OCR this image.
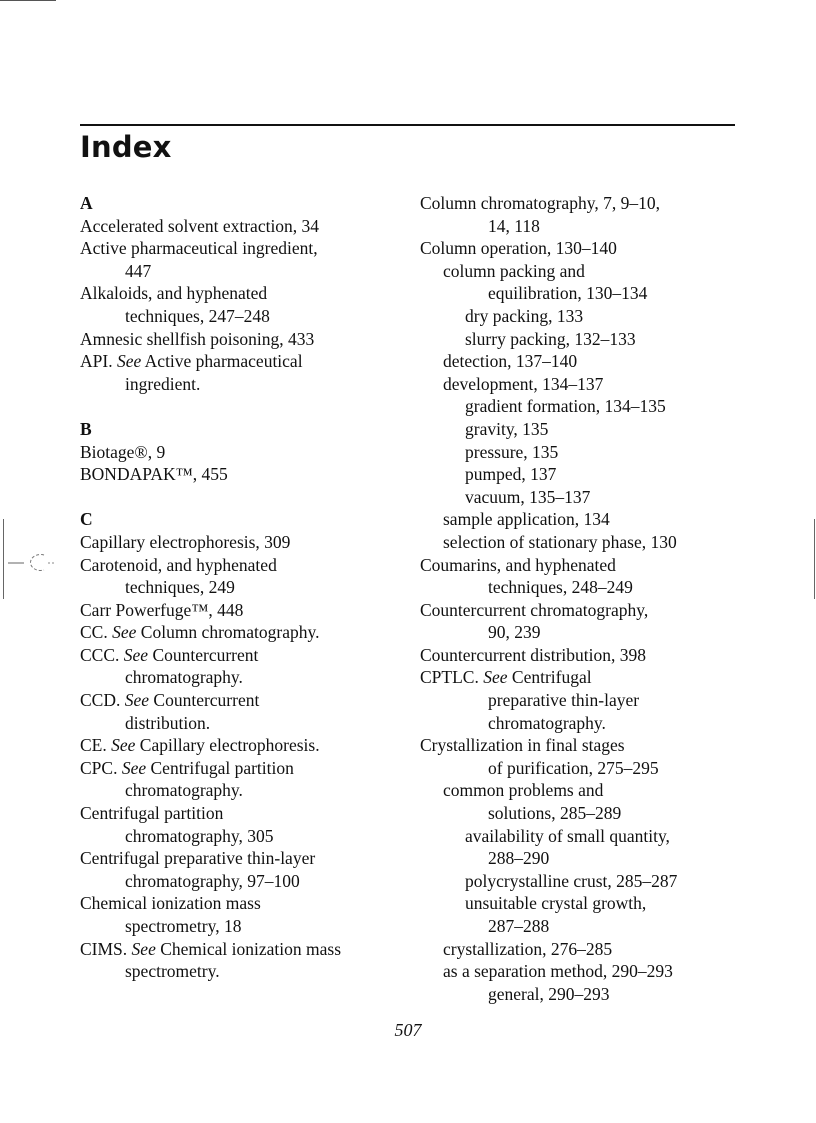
Index
A
Accelerated solvent extraction, 34
Active pharmaceutical ingredient,
447
Alkaloids, and hyphenated
techniques, 247–248
Amnesic shellfish poisoning, 433
API. See Active pharmaceutical
ingredient.
B
Biotage®, 9
BONDAPAK™, 455
C
Capillary electrophoresis, 309
Carotenoid, and hyphenated
techniques, 249
Carr Powerfuge™, 448
CC. See Column chromatography.
CCC. See Countercurrent
chromatography.
CCD. See Countercurrent
distribution.
CE. See Capillary electrophoresis.
CPC. See Centrifugal partition
chromatography.
Centrifugal partition
chromatography, 305
Centrifugal preparative thin-layer
chromatography, 97–100
Chemical ionization mass
spectrometry, 18
CIMS. See Chemical ionization mass
spectrometry.
Column chromatography, 7, 9–10,
14, 118
Column operation, 130–140
column packing and
equilibration, 130–134
dry packing, 133
slurry packing, 132–133
detection, 137–140
development, 134–137
gradient formation, 134–135
gravity, 135
pressure, 135
pumped, 137
vacuum, 135–137
sample application, 134
selection of stationary phase, 130
Coumarins, and hyphenated
techniques, 248–249
Countercurrent chromatography,
90, 239
Countercurrent distribution, 398
CPTLC. See Centrifugal
preparative thin-layer
chromatography.
Crystallization in final stages
of purification, 275–295
common problems and
solutions, 285–289
availability of small quantity,
288–290
polycrystalline crust, 285–287
unsuitable crystal growth,
287–288
crystallization, 276–285
as a separation method, 290–293
general, 290–293
507
